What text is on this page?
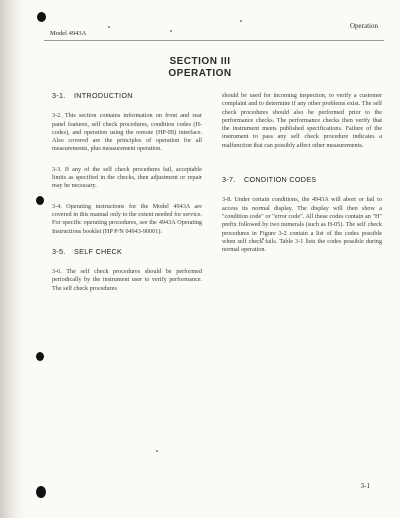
Model 4943A
Operation
SECTION III
OPERATION
3-1. INTRODUCTION

3-2. This section contains information on front and rear panel features, self check procedures, condition codes (H-codes), and operation using the remote (HP-IB) interface. Also covered are the principles of operation for all measurements, plus measurement operation.

3-3. If any of the self check procedures fail, acceptable limits as specified in the checks, then adjustment or repair may be necessary.

3-4. Operating instructions for the Model 4943A are covered in this manual only to the extent needed for service. For specific operating procedures, see the 4943A Operating Instructions booklet (HP P/N 04943-90001).

3-5. SELF CHECK

3-6. The self check procedures should be performed periodically by the instrument user to verify performance. The self check procedures

should be used for incoming inspection, to verify a customer complaint and to determine if any other problems exist. The self check procedures should also be performed prior to the performance checks. The performance checks then verify that the instrument meets published specifications. Failure of the instrument to pass any self check procedure indicates a malfunction that can possibly affect other measurements.

3-7. CONDITION CODES

3-8. Under certain conditions, the 4943A will abort or fail to access its normal display. The display will then show a "condition code" or "error code". All these codes contain an "H" prefix followed by two numerals (such as H-05). The self check procedures in Figure 3-2 contain a list of the codes possible when self check fails. Table 3-1 lists the codes possible during normal operation.

3-1
